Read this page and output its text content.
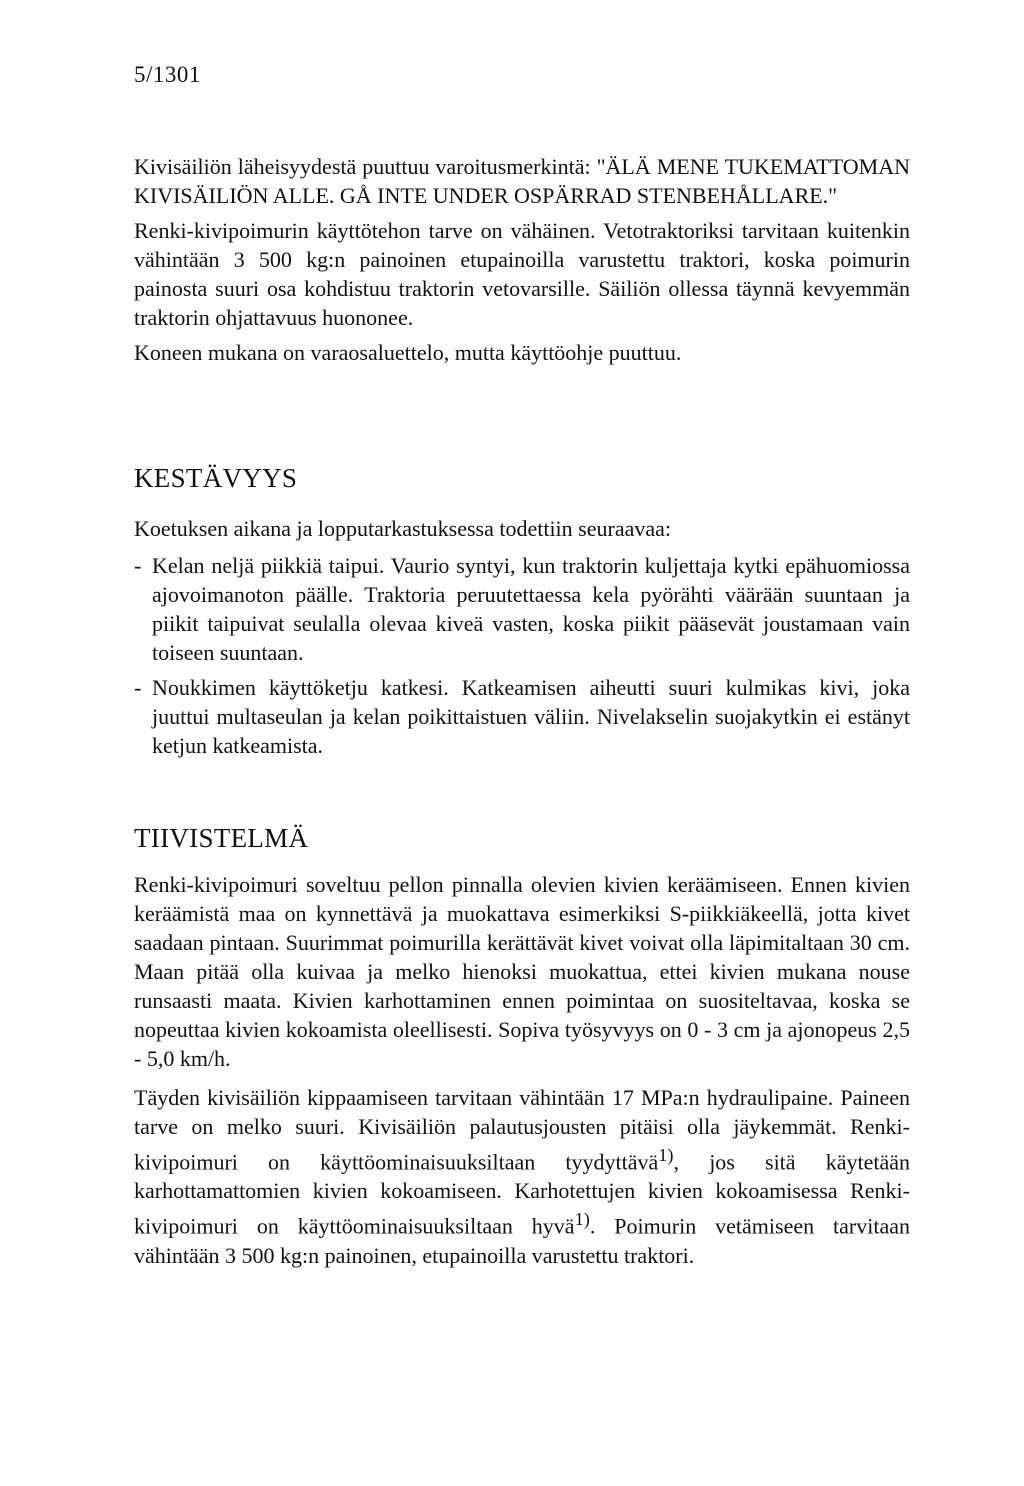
5/1301

Kivisäiliön läheisyydestä puuttuu varoitusmerkintä: "ÄLÄ MENE TUKEMATTOMAN KIVISÄILIÖN ALLE. GÅ INTE UNDER OSPÄRRAD STENBEHÅLLARE."

Renki-kivipoimurin käyttötehon tarve on vähäinen. Vetotraktoriksi tarvitaan kuitenkin vähintään 3 500 kg:n painoinen etupainoilla varustettu traktori, koska poimurin painosta suuri osa kohdistuu traktorin vetovarsille. Säiliön ollessa täynnä kevyemmän traktorin ohjattavuus huononee.

Koneen mukana on varaosaluettelo, mutta käyttöohje puuttuu.

KESTÄVYYS

Koetuksen aikana ja lopputarkastuksessa todettiin seuraavaa:

- Kelan neljä piikkiä taipui. Vaurio syntyi, kun traktorin kuljettaja kytki epähuomiossa ajovoimanoton päälle. Traktoria peruutettaessa kela pyörähti väärään suuntaan ja piikit taipuivat seulalla olevaa kiveä vasten, koska piikit pääsevät joustamaan vain toiseen suuntaan.

- Noukkimen käyttöketju katkesi. Katkeamisen aiheutti suuri kulmikas kivi, joka juuttui multaseulan ja kelan poikittaistuen väliin. Nivelakselin suojakytkin ei estänyt ketjun katkeamista.

TIIVISTELMÄ

Renki-kivipoimuri soveltuu pellon pinnalla olevien kivien keräämiseen. Ennen kivien keräämistä maa on kynnettävä ja muokattava esimerkiksi S-piikkiäkeellä, jotta kivet saadaan pintaan. Suurimmat poimurilla kerättävät kivet voivat olla läpimitaltaan 30 cm. Maan pitää olla kuivaa ja melko hienoksi muokattua, ettei kivien mukana nouse runsaasti maata. Kivien karhottaminen ennen poimintaa on suositeltavaa, koska se nopeuttaa kivien kokoamista oleellisesti. Sopiva työsyvyys on 0 - 3 cm ja ajonopeus 2,5 - 5,0 km/h.

Täyden kivisäiliön kippaamiseen tarvitaan vähintään 17 MPa:n hydraulipaine. Paineen tarve on melko suuri. Kivisäiliön palautusjousten pitäisi olla jäykemmät. Renki-kivipoimuri on käyttöominaisuuksiltaan tyydyttävä$^{1)}$, jos sitä käytetään karhottamattomien kivien kokoamiseen. Karhotettujen kivien kokoamisessa Renki-kivipoimuri on käyttöominaisuuksiltaan hyvä$^{1)}$. Poimurin vetämiseen tarvitaan vähintään 3 500 kg:n painoinen, etupainoilla varustettu traktori.
